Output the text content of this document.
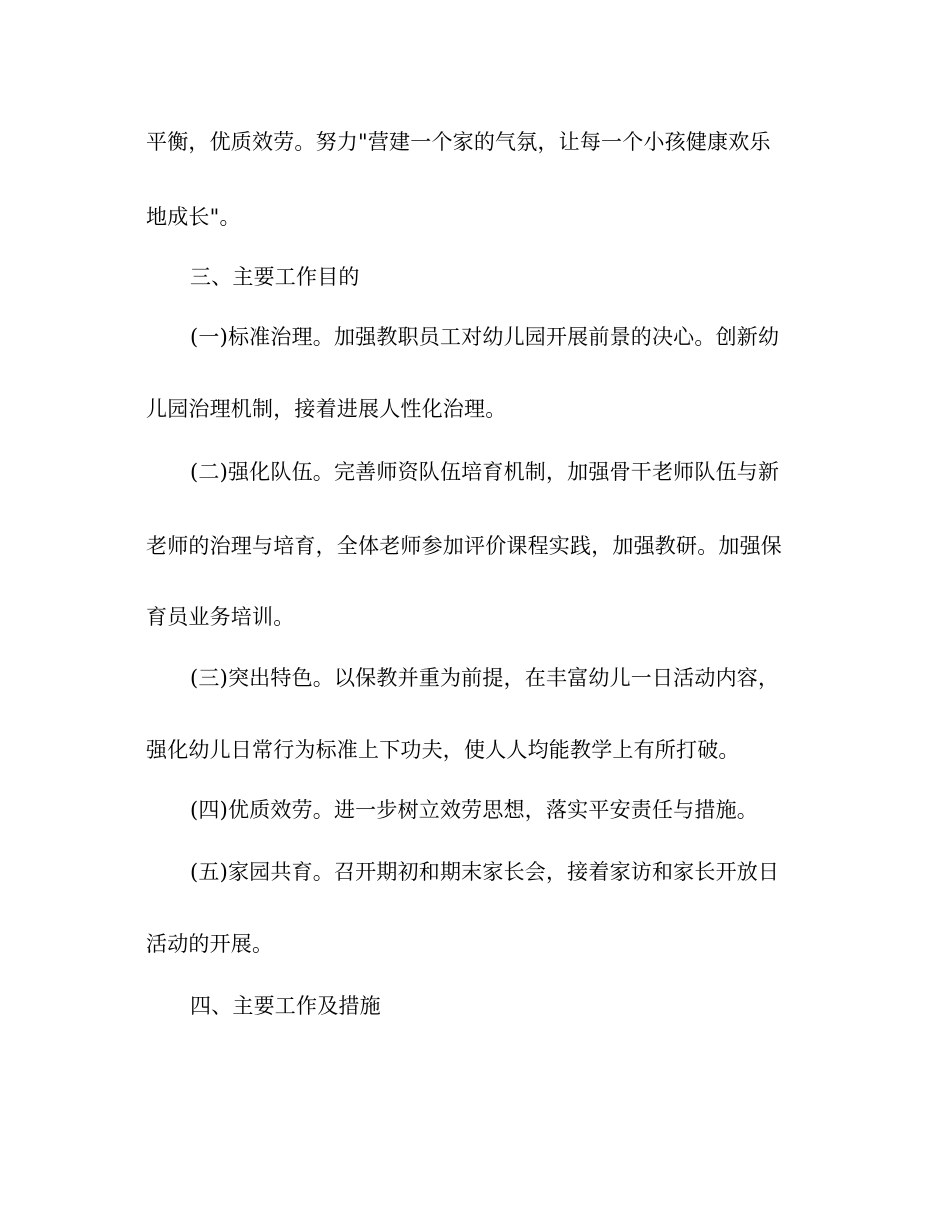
平衡，优质效劳。努力"营建一个家的气氛，让每一个小孩健康欢乐
地成长"。
三、主要工作目的
(一)标准治理。加强教职员工对幼儿园开展前景的决心。创新幼
儿园治理机制，接着进展人性化治理。
(二)强化队伍。完善师资队伍培育机制，加强骨干老师队伍与新
老师的治理与培育，全体老师参加评价课程实践，加强教研。加强保
育员业务培训。
(三)突出特色。以保教并重为前提，在丰富幼儿一日活动内容，
强化幼儿日常行为标准上下功夫，使人人均能教学上有所打破。
(四)优质效劳。进一步树立效劳思想，落实平安责任与措施。
(五)家园共育。召开期初和期末家长会，接着家访和家长开放日
活动的开展。
四、主要工作及措施
